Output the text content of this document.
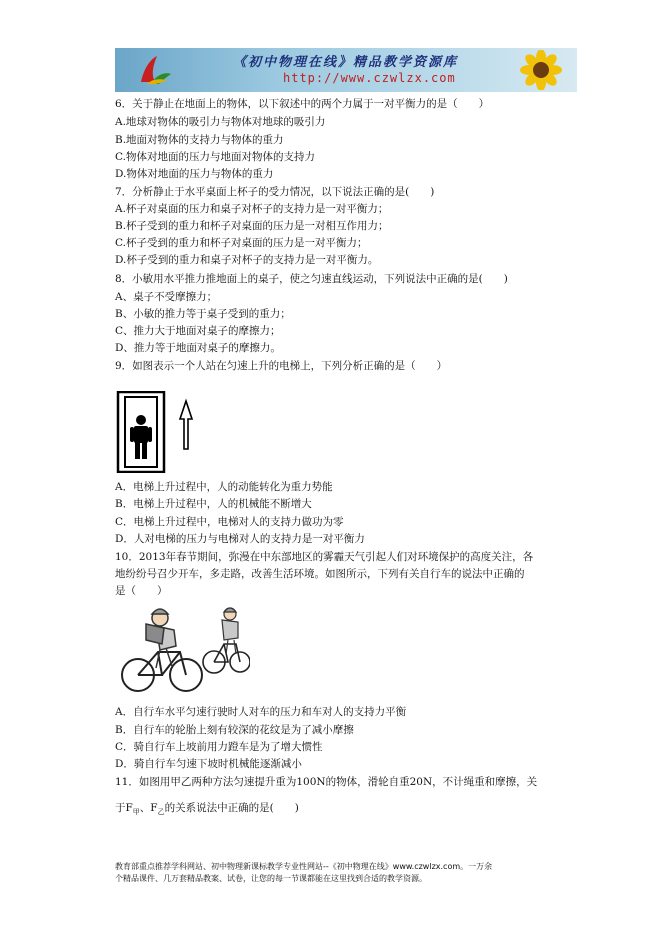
《初中物理在线》精品教学资源库
http://www.czwlzx.com
6．关于静止在地面上的物体，以下叙述中的两个力属于一对平衡力的是（　　）
A.地球对物体的吸引力与物体对地球的吸引力
B.地面对物体的支持力与物体的重力
C.物体对地面的压力与地面对物体的支持力
D.物体对地面的压力与物体的重力
7．分析静止于水平桌面上杯子的受力情况，以下说法正确的是(　　)
A.杯子对桌面的压力和桌子对杯子的支持力是一对平衡力；
B.杯子受到的重力和杯子对桌面的压力是一对相互作用力；
C.杯子受到的重力和杯子对桌面的压力是一对平衡力；
D.杯子受到的重力和桌子对杯子的支持力是一对平衡力。
8．小敏用水平推力推地面上的桌子，使之匀速直线运动，下列说法中正确的是(　　)
A、桌子不受摩擦力；
B、小敏的推力等于桌子受到的重力；
C、推力大于地面对桌子的摩擦力；
D、推力等于地面对桌子的摩擦力。
9．如图表示一个人站在匀速上升的电梯上，下列分析正确的是（　　）
A．电梯上升过程中，人的动能转化为重力势能
B．电梯上升过程中，人的机械能不断增大
C．电梯上升过程中，电梯对人的支持力做功为零
D．人对电梯的压力与电梯对人的支持力是一对平衡力
10．2013年春节期间，弥漫在中东部地区的雾霾天气引起人们对环境保护的高度关注，各
地纷纷号召少开车，多走路，改善生活环境。如图所示，下列有关自行车的说法中正确的
是（　　）
A．自行车水平匀速行驶时人对车的压力和车对人的支持力平衡
B．自行车的轮胎上刻有较深的花纹是为了减小摩擦
C．骑自行车上坡前用力蹬车是为了增大惯性
D．骑自行车匀速下坡时机械能逐渐减小
11．如图用甲乙两种方法匀速提升重为100N的物体，滑轮自重20N，不计绳重和摩擦，关
于$F_甲$、$F_乙$的关系说法中正确的是(　　)
教育部重点推荐学科网站、初中物理新课标教学专业性网站--《初中物理在线》www.czwlzx.com。一万余
个精品课件、几万套精品教案、试卷，让您的每一节课都能在这里找到合适的教学资源。
